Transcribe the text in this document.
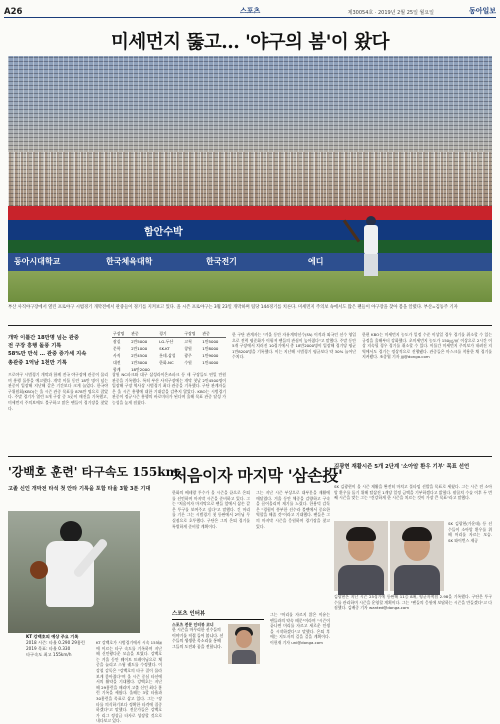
A26	스포츠	제30054호 · 2019년 2월 25일 월요일	동아일보
미세먼지 뚫고… '야구의 봄'이 왔다
함안수박
동아시대학교	한국체육대학	한국전기	에디
부산 사직야구장에서 열린 프로야구 시범경기 개막전에서 관중들이 경기를 지켜보고 있다. 올 시즌 프로야구는 3월 23일 개막하며 팀당 144경기를 치른다. 미세먼지 주의보 속에서도 많은 팬들이 야구장을 찾아 봄을 알렸다. 부산=김동주 기자
개막 이틀간 18만명 넘는 관중
전 구장 흥행 돌풍 기록
58%만 만석 … 관중 증가세 지속
총관중 1억남 1천만 기록
프로야구 시범경기 개막과 함께 전국 야구장에 관중이 몰리며 흥행 돌풍을 예고했다. 개막 이틀 동안 18만 명이 넘는 관중이 입장해 지난해 같은 기간보다 크게 늘었다. 한국야구위원회(KBO)는 올 시즌 관중 목표를 878만 명으로 잡았다. 주말 경기가 열린 5개 구장 중 3곳이 매진을 기록했고, 미세먼지 주의보에도 불구하고 많은 팬들이 경기장을 찾았다.
구장명	관중	경기	구장명	관중
잠실	2만5000	LG-두산	고척	1만5000
문학	2만1000	SK-KT	창원	1만8000
사직	2만4500	롯데-삼성	광주	1만9000
대전	1만3000	한화-NC	수원	1만4000
합계	18만2000			
창원 NC파크와 대구 삼성라이온즈파크 등 새 구장들도 연일 만원 관중을 기록했다. 특히 부산 사직구장에는 개막 첫날 2만4500명이 입장해 구장 역사상 시범경기 최다 관중을 기록했다. 구단 관계자들은 올 시즌 흥행에 대한 기대감을 감추지 않았다. KBO는 시범경기 관중이 정규시즌 흥행의 바로미터가 된다며 올해 목표 관중 달성 가능성을 높게 점쳤다.
한 구단 관계자는 "겨울 동안 자유계약선수(FA) 이적과 외국인 선수 영입으로 전력 평준화가 이뤄져 팬들의 관심이 높아졌다"고 말했다. 주말 동안 5개 구장에서 치러진 10경기에서 총 18만2000명이 입장해 경기당 평균 1만8200명을 기록했다. 이는 지난해 시범경기 평균보다 약 30% 늘어난 수치다.
한편 KBO는 미세먼지 농도가 일정 수준 이상일 경우 경기를 취소할 수 있는 규정을 올해부터 강화했다. 초미세먼지 농도가 150㎍/㎥ 이상으로 2시간 이상 지속될 경우 경기를 취소할 수 있다. 이틀간 미세먼지 주의보가 내려진 지역에서도 경기는 정상적으로 진행됐다. 관중들은 마스크를 착용한 채 경기를 지켜봤다. 조종엽 기자 jjj@donga.com
'강백호 훈련' 타구속도 155km
고졸 신인 개막전 타석 첫 안타 기록을 포함 타율 3할 3푼 기대
KT 강백호의 예상 주요 기록
2018 시즌: 타율 0.290 29홈런
2019 목표: 타율 0.330
타구속도 최고 155km/h
KT 강백호가 시범경기에서 시속 155㎞에 이르는 타구 속도를 기록하며 지난해 신인왕다운 모습을 보였다. 강백호는 겨울 동안 웨이트 트레이닝으로 체중을 늘리고 스윙 궤도를 수정했다. 이강철 감독은 "강백호의 타구 질이 몰라보게 좋아졌다"며 올 시즌 중심 타선에서의 활약을 기대했다. 강백호는 지난해 29홈런을 때리며 고졸 신인 최다 홈런 기록을 세웠다. 올해는 3할 타율과 30홈런을 목표로 삼고 있다. 그는 "장타를 의식하기보다 정확한 타격에 집중하겠다"고 말했다. 전문가들은 강백호가 리그 정상급 타자로 성장할 것으로 내다보고 있다.
처음이자 마지막 '삼손投'
한화의 베테랑 투수가 올 시즌을 끝으로 은퇴를 선언하며 마지막 시즌을 준비하고 있다. 그는 "처음이자 마지막으로 팬들 앞에서 삼손 같은 투구를 보여주고 싶다"고 말했다. 긴 머리를 기른 그는 시범경기 첫 등판에서 2이닝 무실점으로 호투했다. 구단은 그의 은퇴 경기를 특별하게 준비할 계획이다.
그는 지난 시즌 부상으로 대부분을 재활에 매달렸다. 겨울 동안 체중을 감량하고 구속을 끌어올리며 재기를 노렸다. 한용덕 감독은 "경험이 풍부한 선수라 불펜에서 중요한 역할을 해줄 것"이라고 기대했다. 팬들은 그의 마지막 시즌을 응원하며 경기장을 찾고 있다.
그는 "머리를 자르지 않은 이유는 팬들과의 약속 때문"이라며 "시즌이 끝나면 머리를 자르고 새로운 인생을 시작하겠다"고 말했다. 은퇴 후에는 지도자의 길을 걸을 계획이다. 이헌재 기자 uni@donga.com
스포츠 인터뷰
스포츠 전문 인터뷰 코너
한 시즌을 마무리한 선수들의 이야기를 직접 들어 봅니다. 선수들의 생생한 목소리를 통해 그들의 도전과 꿈을 전합니다.
김광현 재활시즌 5개 2단계 '소아암 환우 기부' 목표 선언
SK 김광현이 올 시즌 재활을 완전히 마치고 풀타임 선발을 목표로 세웠다. 그는 시즌 전 소아암 환우를 돕기 위해 탈삼진 1개당 일정 금액을 기부하겠다고 밝혔다. 팔꿈치 수술 이후 두 번째 시즌을 맞는 그는 "건강하게 한 시즌을 치르는 것이 가장 큰 목표"라고 말했다.
SK 김광현(가운데) 등 선수들이 소아암 환우를 위해 머리를 자르는 모습. SK 와이번스 제공
김광현은 지난 시즌 25경기에 등판해 11승 8패, 평균자책점 2.98을 기록했다. 구단은 투구 수를 관리하며 시즌을 운영할 계획이다. 그는 "팬들의 응원에 보답하는 시즌을 만들겠다"고 다짐했다. 김배중 기자 wanted@donga.com
